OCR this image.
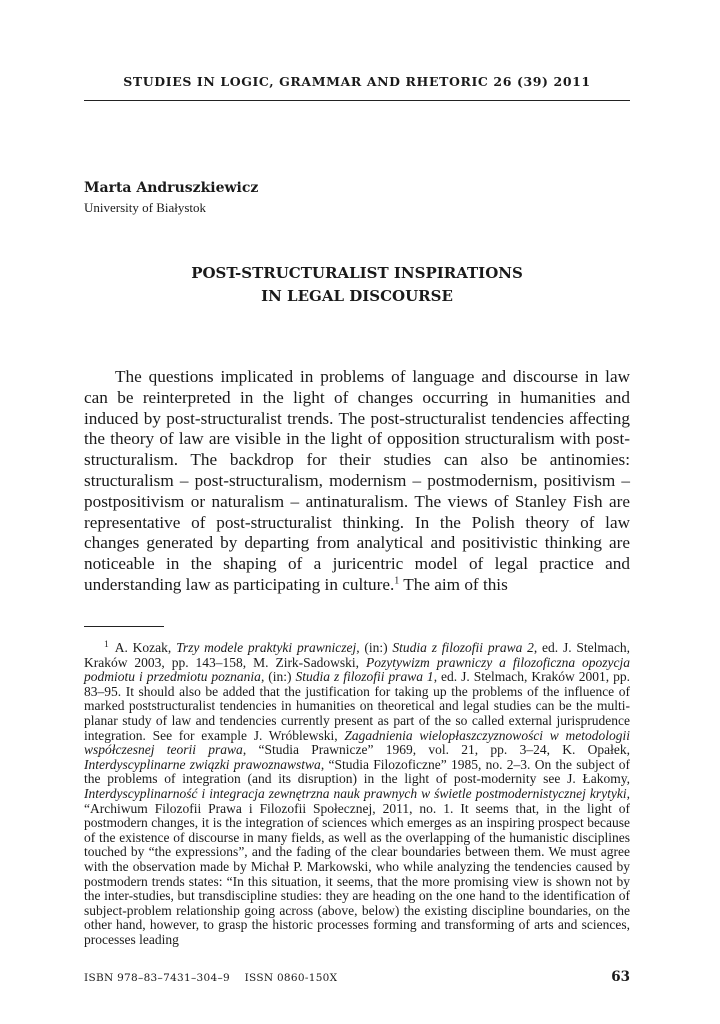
STUDIES IN LOGIC, GRAMMAR AND RHETORIC 26 (39) 2011
Marta Andruszkiewicz
University of Białystok
POST-STRUCTURALIST INSPIRATIONS
IN LEGAL DISCOURSE

The questions implicated in problems of language and discourse in law can be reinterpreted in the light of changes occurring in humanities and induced by post-structuralist trends. The post-structuralist tendencies affecting the theory of law are visible in the light of opposition structuralism with post-structuralism. The backdrop for their studies can also be antinomies: structuralism – post-structuralism, modernism – postmodernism, positivism – postpositivism or naturalism – antinaturalism. The views of Stanley Fish are representative of post-structuralist thinking. In the Polish theory of law changes generated by departing from analytical and positivistic thinking are noticeable in the shaping of a juricentric model of legal practice and understanding law as participating in culture.$^1$ The aim of this

$^1$ A. Kozak, Trzy modele praktyki prawniczej, (in:) Studia z filozofii prawa 2, ed. J. Stelmach, Kraków 2003, pp. 143–158, M. Zirk-Sadowski, Pozytywizm prawniczy a filozoficzna opozycja podmiotu i przedmiotu poznania, (in:) Studia z filozofii prawa 1, ed. J. Stelmach, Kraków 2001, pp. 83–95. It should also be added that the justification for taking up the problems of the influence of marked poststructuralist tendencies in humanities on theoretical and legal studies can be the multi-planar study of law and tendencies currently present as part of the so called external jurisprudence integration. See for example J. Wróblewski, Zagadnienia wielopłaszczyznowości w metodologii współczesnej teorii prawa, “Studia Prawnicze” 1969, vol. 21, pp. 3–24, K. Opałek, Interdyscyplinarne związki prawoznawstwa, “Studia Filozoficzne” 1985, no. 2–3. On the subject of the problems of integration (and its disruption) in the light of post-modernity see J. Łakomy, Interdyscyplinarność i integracja zewnętrzna nauk prawnych w świetle postmodernistycznej krytyki, “Archiwum Filozofii Prawa i Filozofii Społecznej, 2011, no. 1. It seems that, in the light of postmodern changes, it is the integration of sciences which emerges as an inspiring prospect because of the existence of discourse in many fields, as well as the overlapping of the humanistic disciplines touched by “the expressions”, and the fading of the clear boundaries between them. We must agree with the observation made by Michał P. Markowski, who while analyzing the tendencies caused by postmodern trends states: “In this situation, it seems, that the more promising view is shown not by the inter-studies, but transdiscipline studies: they are heading on the one hand to the identification of subject-problem relationship going across (above, below) the existing discipline boundaries, on the other hand, however, to grasp the historic processes forming and transforming of arts and sciences, processes leading

ISBN 978–83–7431–304–9    ISSN 0860-150X	63
